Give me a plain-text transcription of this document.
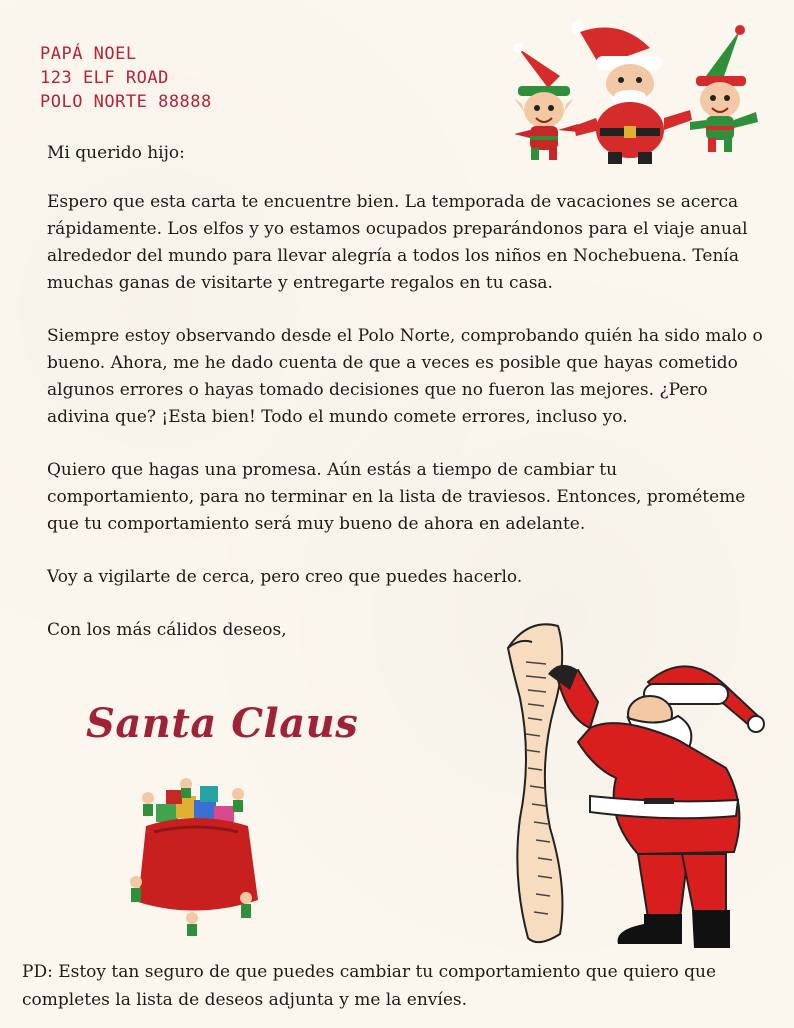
PAPÁ NOEL
123 ELF ROAD
POLO NORTE 88888

Mi querido hijo:

Espero que esta carta te encuentre bien. La temporada de vacaciones se acerca rápidamente. Los elfos y yo estamos ocupados preparándonos para el viaje anual alrededor del mundo para llevar alegría a todos los niños en Nochebuena. Tenía muchas ganas de visitarte y entregarte regalos en tu casa.

Siempre estoy observando desde el Polo Norte, comprobando quién ha sido malo o bueno. Ahora, me he dado cuenta de que a veces es posible que hayas cometido algunos errores o hayas tomado decisiones que no fueron las mejores. ¿Pero adivina que? ¡Esta bien! Todo el mundo comete errores, incluso yo.

Quiero que hagas una promesa. Aún estás a tiempo de cambiar tu comportamiento, para no terminar en la lista de traviesos. Entonces, prométeme que tu comportamiento será muy bueno de ahora en adelante.

Voy a vigilarte de cerca, pero creo que puedes hacerlo.

Con los más cálidos deseos,

Santa Claus
PD: Estoy tan seguro de que puedes cambiar tu comportamiento que quiero que completes la lista de deseos adjunta y me la envíes.
